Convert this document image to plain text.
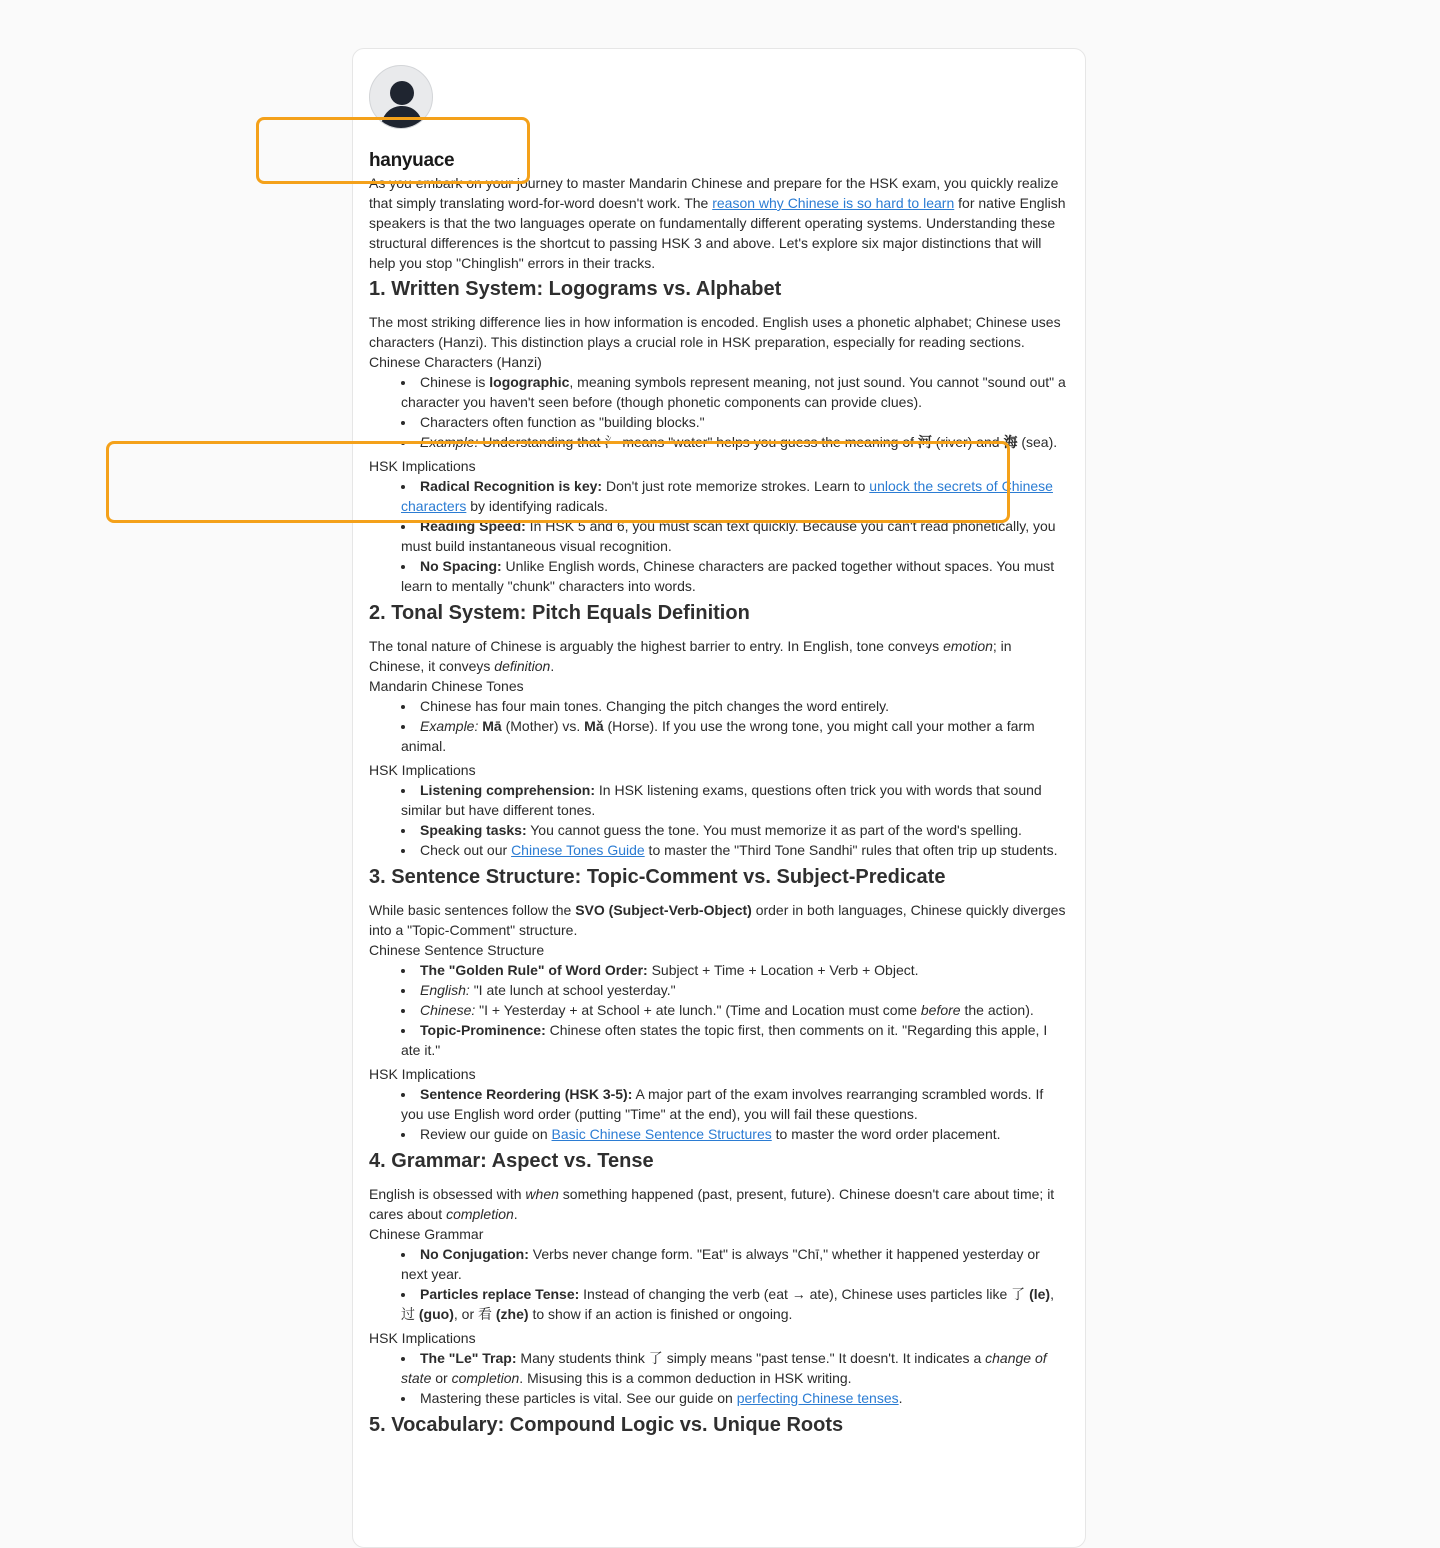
hanyuace

As you embark on your journey to master Mandarin Chinese and prepare for the HSK exam, you quickly realize that simply translating word-for-word doesn't work. The reason why Chinese is so hard to learn for native English speakers is that the two languages operate on fundamentally different operating systems. Understanding these structural differences is the shortcut to passing HSK 3 and above. Let's explore six major distinctions that will help you stop "Chinglish" errors in their tracks.

1. Written System: Logograms vs. Alphabet

The most striking difference lies in how information is encoded. English uses a phonetic alphabet; Chinese uses characters (Hanzi). This distinction plays a crucial role in HSK preparation, especially for reading sections.

Chinese Characters (Hanzi)

• Chinese is logographic, meaning symbols represent meaning, not just sound. You cannot "sound out" a character you haven't seen before (though phonetic components can provide clues).
• Characters often function as "building blocks."
• Example: Understanding that 氵 means "water" helps you guess the meaning of 河 (river) and 海 (sea).

HSK Implications

• Radical Recognition is key: Don't just rote memorize strokes. Learn to unlock the secrets of Chinese characters by identifying radicals.
• Reading Speed: In HSK 5 and 6, you must scan text quickly. Because you can't read phonetically, you must build instantaneous visual recognition.
• No Spacing: Unlike English words, Chinese characters are packed together without spaces. You must learn to mentally "chunk" characters into words.
2. Tonal System: Pitch Equals Definition

The tonal nature of Chinese is arguably the highest barrier to entry. In English, tone conveys emotion; in Chinese, it conveys definition.

Mandarin Chinese Tones

• Chinese has four main tones. Changing the pitch changes the word entirely.
• Example: Mā (Mother) vs. Mǎ (Horse). If you use the wrong tone, you might call your mother a farm animal.

HSK Implications

• Listening comprehension: In HSK listening exams, questions often trick you with words that sound similar but have different tones.
• Speaking tasks: You cannot guess the tone. You must memorize it as part of the word's spelling.
• Check out our Chinese Tones Guide to master the "Third Tone Sandhi" rules that often trip up students.
3. Sentence Structure: Topic-Comment vs. Subject-Predicate

While basic sentences follow the SVO (Subject-Verb-Object) order in both languages, Chinese quickly diverges into a "Topic-Comment" structure.

Chinese Sentence Structure

• The "Golden Rule" of Word Order: Subject + Time + Location + Verb + Object.
• English: "I ate lunch at school yesterday."
• Chinese: "I + Yesterday + at School + ate lunch." (Time and Location must come before the action).
• Topic-Prominence: Chinese often states the topic first, then comments on it. "Regarding this apple, I ate it."

HSK Implications

• Sentence Reordering (HSK 3-5): A major part of the exam involves rearranging scrambled words. If you use English word order (putting "Time" at the end), you will fail these questions.
• Review our guide on Basic Chinese Sentence Structures to master the word order placement.
4. Grammar: Aspect vs. Tense

English is obsessed with when something happened (past, present, future). Chinese doesn't care about time; it cares about completion.

Chinese Grammar

• No Conjugation: Verbs never change form. "Eat" is always "Chī," whether it happened yesterday or next year.
• Particles replace Tense: Instead of changing the verb (eat → ate), Chinese uses particles like 了 (le), 过 (guo), or 看 (zhe) to show if an action is finished or ongoing.

HSK Implications

• The "Le" Trap: Many students think 了 simply means "past tense." It doesn't. It indicates a change of state or completion. Misusing this is a common deduction in HSK writing.
• Mastering these particles is vital. See our guide on perfecting Chinese tenses.
5. Vocabulary: Compound Logic vs. Unique Roots
